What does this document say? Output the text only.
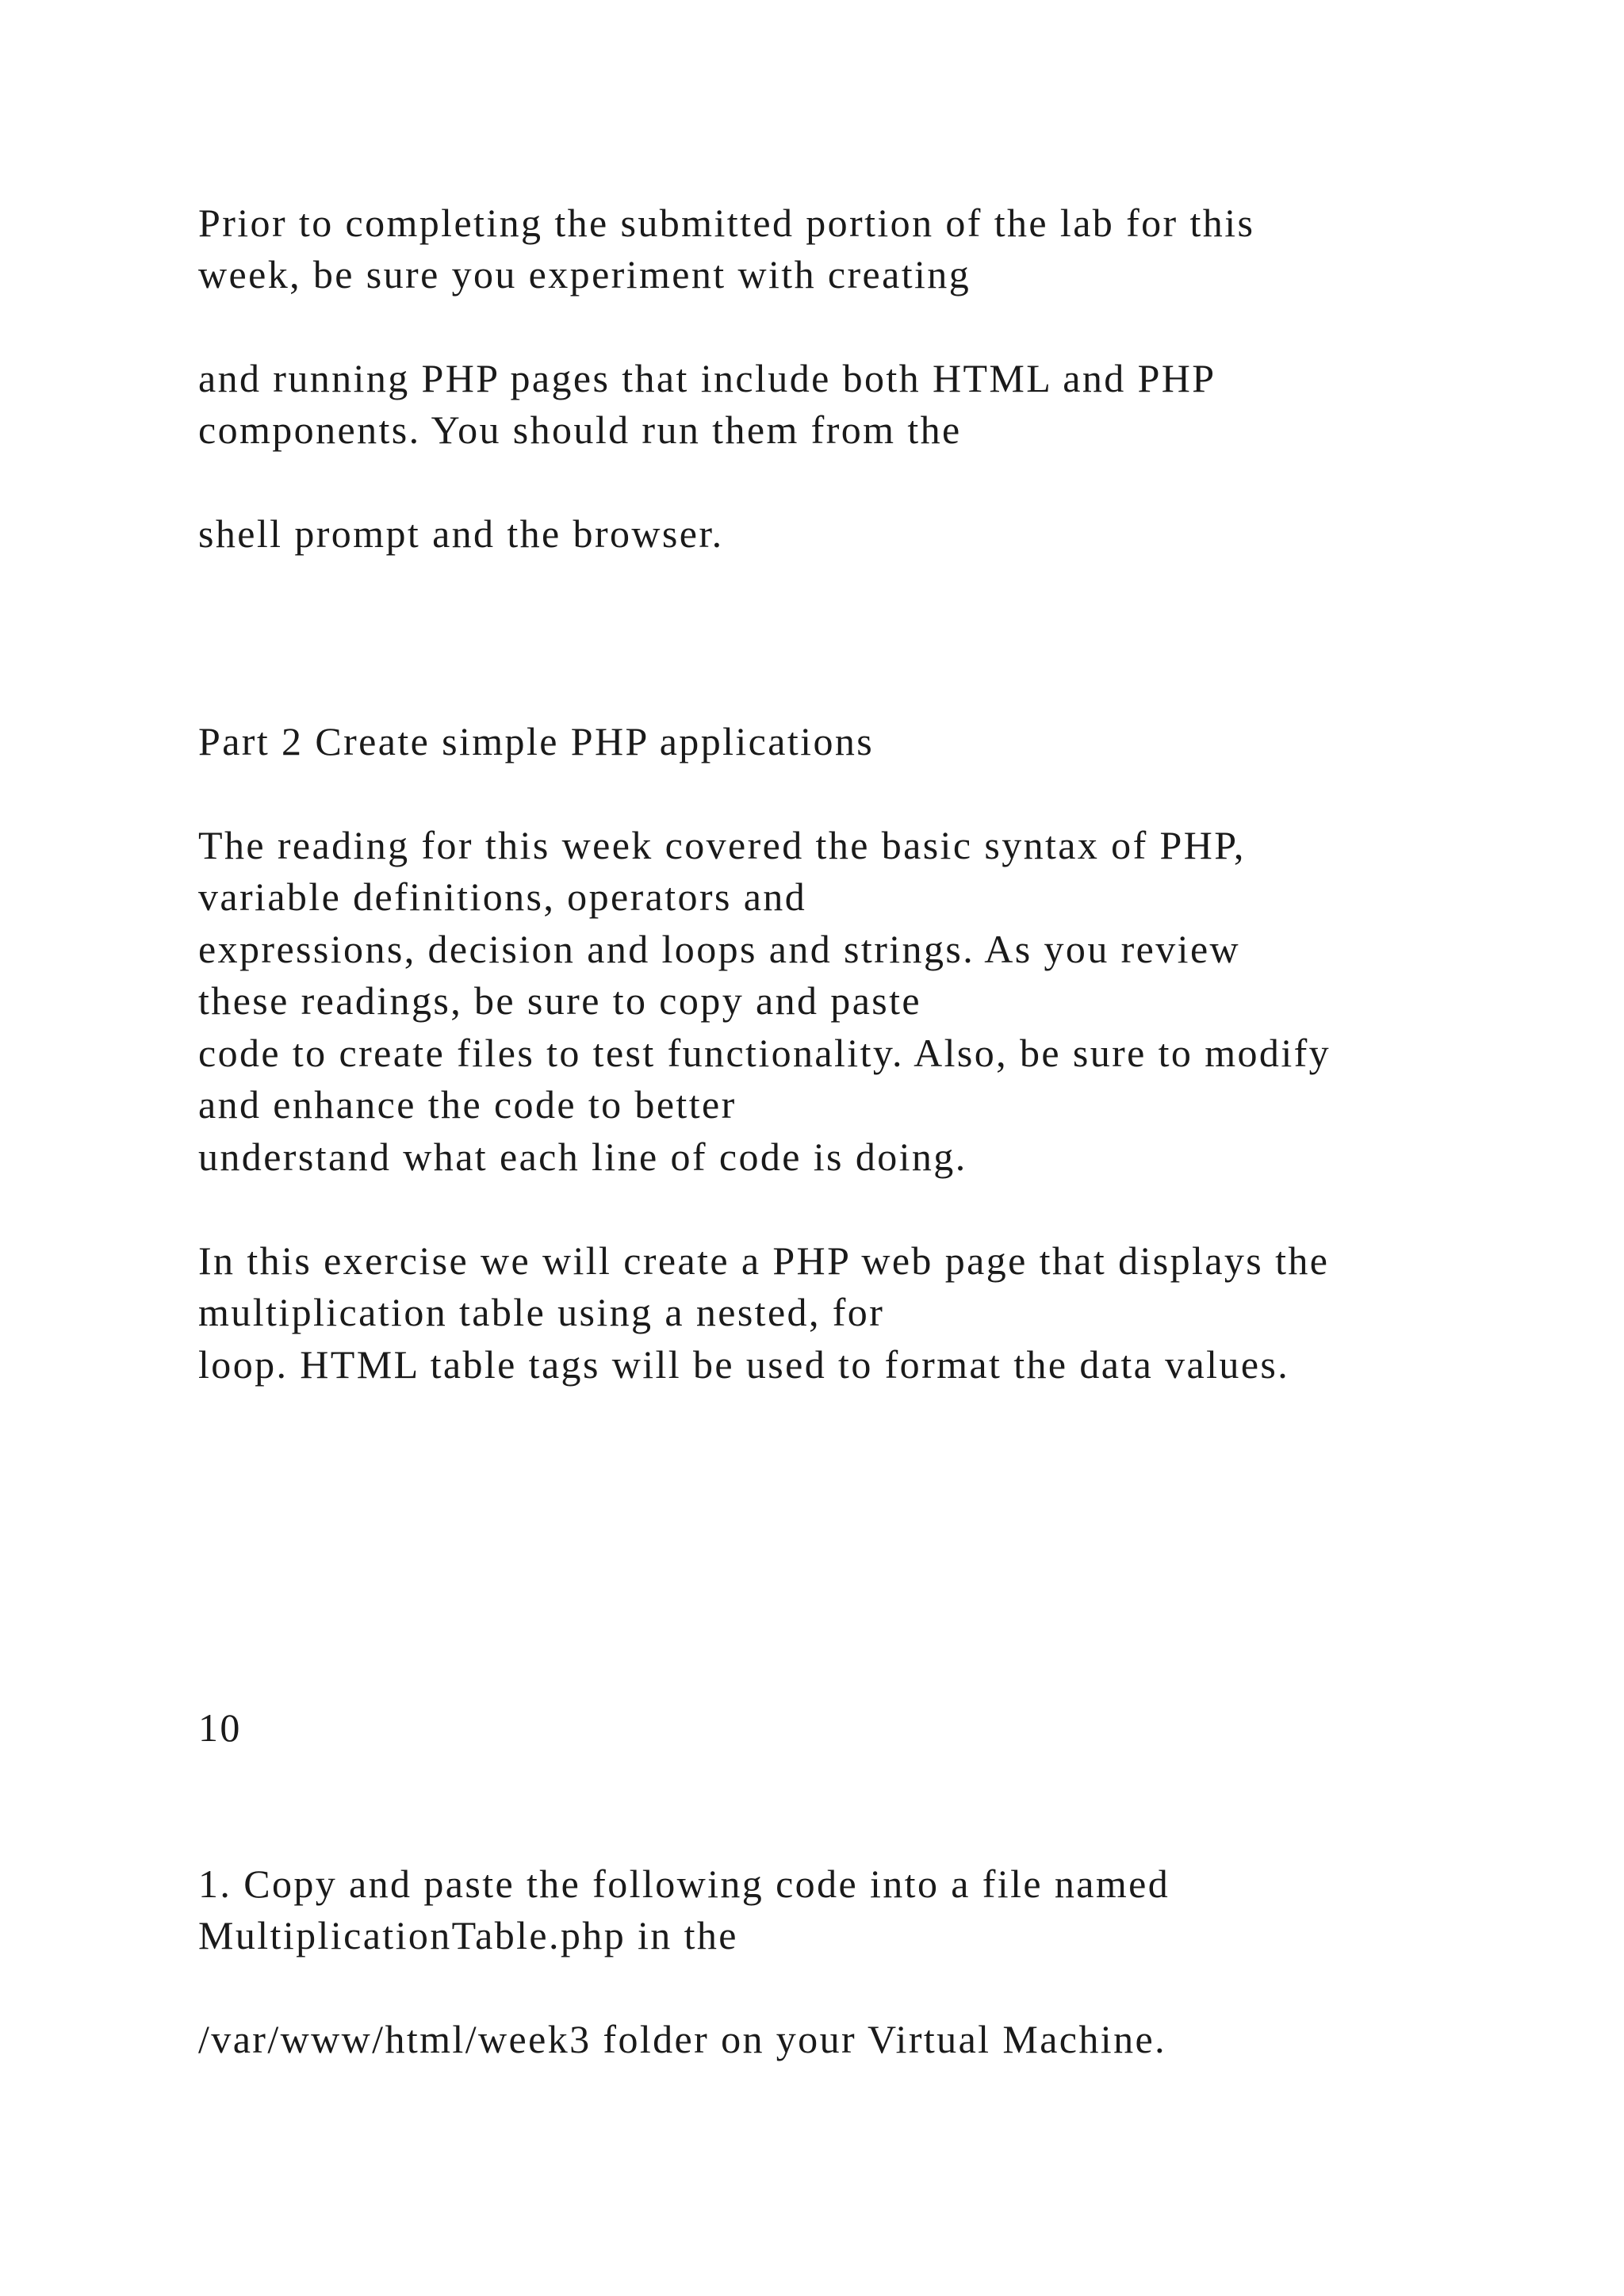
Prior to completing the submitted portion of the lab for this

week, be sure you experiment with creating

and running PHP pages that include both HTML and PHP

components. You should run them from the

shell prompt and the browser.

Part 2 Create simple PHP applications

The reading for this week covered the basic syntax of PHP,

variable definitions, operators and

expressions, decision and loops and strings. As you review

these readings, be sure to copy and paste

code to create files to test functionality. Also, be sure to modify

and enhance the code to better

understand what each line of code is doing.

In this exercise we will create a PHP web page that displays the

multiplication table using a nested, for

loop. HTML table tags will be used to format the data values.

10

1. Copy and paste the following code into a file named

MultiplicationTable.php in the

/var/www/html/week3 folder on your Virtual Machine.
